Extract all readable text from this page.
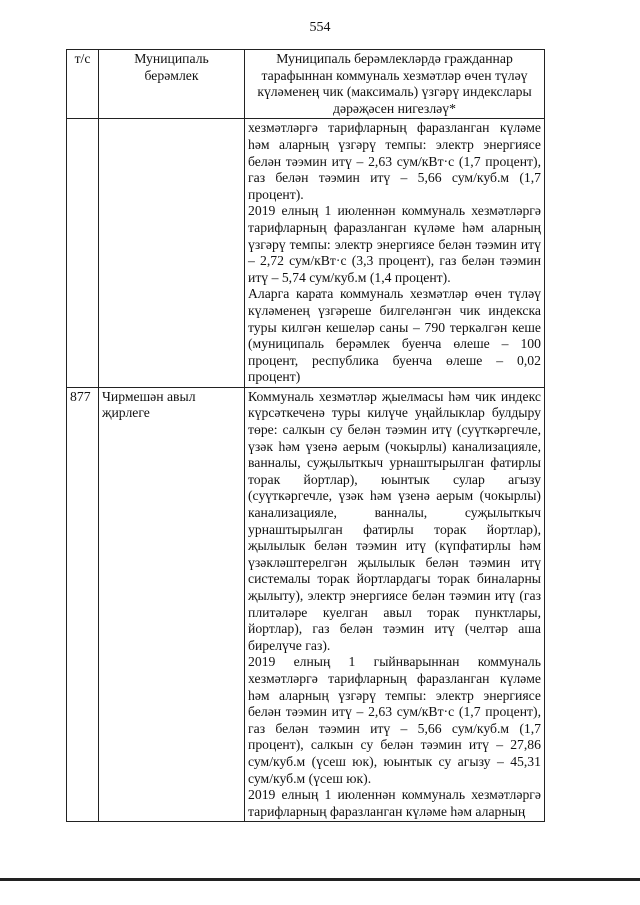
554
т/с	Муниципаль берәмлек	Муниципаль берәмлекләрдә гражданнар тарафыннан коммуналь хезмәтләр өчен түләү күләменең чик (максималь) үзгәрү индекслары дәрәҗәсен нигезләү*

		хезмәтләргә тарифларның фаразланган күләме һәм аларның үзгәрү темпы: электр энергиясе белән тәэмин итү – 2,63 сум/кВт·с (1,7 процент), газ белән тәэмин итү – 5,66 сум/куб.м (1,7 процент).
2019 елның 1 июленнән коммуналь хезмәтләргә тарифларның фаразланган күләме һәм аларның үзгәрү темпы: электр энергиясе белән тәэмин итү – 2,72 сум/кВт·с (3,3 процент), газ белән тәэмин итү – 5,74 сум/куб.м (1,4 процент).
Аларга карата коммуналь хезмәтләр өчен түләү күләменең үзгәреше билгеләнгән чик индекска туры килгән кешеләр саны – 790 теркәлгән кеше (муниципаль берәмлек буенча өлеше – 100 процент, республика буенча өлеше – 0,02 процент)

877	Чирмешән авыл җирлеге	Коммуналь хезмәтләр җыелмасы һәм чик индекс күрсәткеченә туры килүче уңайлыклар булдыру төре: салкын су белән тәэмин итү (суүткәргечле, үзәк һәм үзенә аерым (чокырлы) канализацияле, ванналы, суҗылыткыч урнаштырылган фатирлы торак йортлар), юынтык сулар агызу (суүткәргечле, үзәк һәм үзенә аерым (чокырлы) канализацияле, ванналы, суҗылыткыч урнаштырылган фатирлы торак йортлар), җылылык белән тәэмин итү (күпфатирлы һәм үзәкләштерелгән җылылык белән тәэмин итү системалы торак йортлардагы торак биналарны җылыту), электр энергиясе белән тәэмин итү (газ плитәләре куелган авыл торак пунктлары, йортлар), газ белән тәэмин итү (челтәр аша бирелүче газ).
2019 елның 1 гыйнварыннан коммуналь хезмәтләргә тарифларның фаразланган күләме һәм аларның үзгәрү темпы: электр энергиясе белән тәэмин итү – 2,63 сум/кВт·с (1,7 процент), газ белән тәэмин итү – 5,66 сум/куб.м (1,7 процент), салкын су белән тәэмин итү – 27,86 сум/куб.м (үсеш юк), юынтык су агызу – 45,31 сум/куб.м (үсеш юк).
2019 елның 1 июленнән коммуналь хезмәтләргә тарифларның фаразланган күләме һәм аларның
